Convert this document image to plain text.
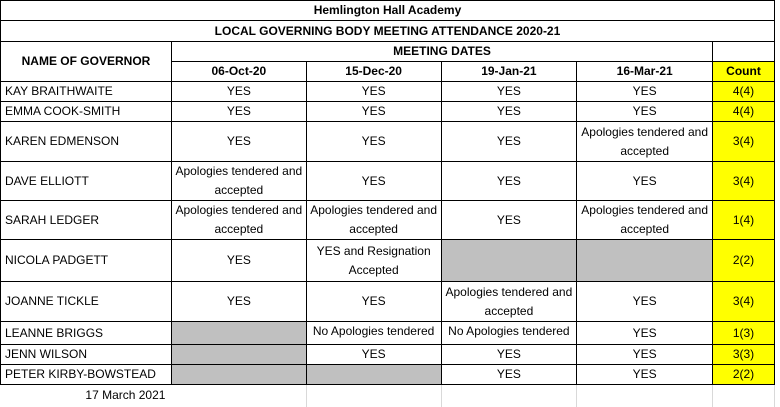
Hemlington Hall Academy						
LOCAL GOVERNING BODY MEETING ATTENDANCE 2020-21						
NAME OF GOVERNOR	MEETING DATES					
	06-Oct-20	15-Dec-20	19-Jan-21	16-Mar-21	Count	
KAY BRAITHWAITE	YES	YES	YES	YES	4(4)	
EMMA COOK-SMITH	YES	YES	YES	YES	4(4)	
KAREN EDMENSON	YES	YES	YES	Apologies tendered and accepted	3(4)	
DAVE ELLIOTT	Apologies tendered and accepted	YES	YES	YES	3(4)	
SARAH LEDGER	Apologies tendered and accepted	Apologies tendered and accepted	YES	Apologies tendered and accepted	1(4)	
NICOLA PADGETT	YES	YES and Resignation Accepted			2(2)	
JOANNE TICKLE	YES	YES	Apologies tendered and accepted	YES	3(4)	
LEANNE BRIGGS		No Apologies tendered	No Apologies tendered	YES	1(3)	
JENN WILSON		YES	YES	YES	3(3)	
PETER KIRBY-BOWSTEAD			YES	YES	2(2)	
17 March 2021						
